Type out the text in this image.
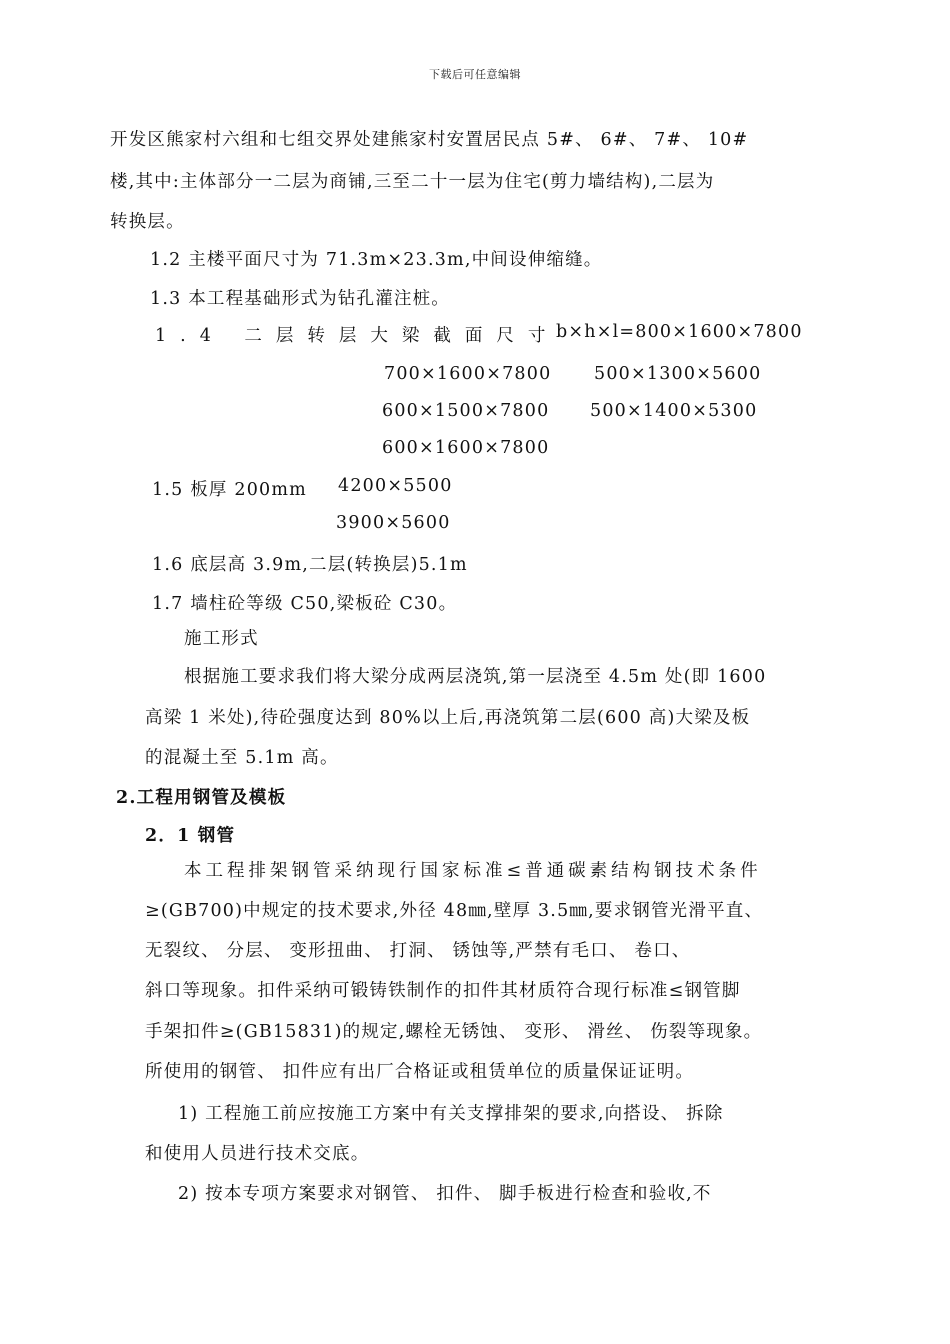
下载后可任意编辑
开发区熊家村六组和七组交界处建熊家村安置居民点 5#、 6#、 7#、 10#
楼,其中:主体部分一二层为商铺,三至二十一层为住宅(剪力墙结构),二层为
转换层。
1.2 主楼平面尺寸为 71.3m×23.3m,中间设伸缩缝。
1.3 本工程基础形式为钻孔灌注桩。
1.4 二层转层大梁截面尺寸
b×h×l=800×1600×7800
700×1600×7800 500×1300×5600
600×1500×7800 500×1400×5300
600×1600×7800
1.5 板厚 200mm 4200×5500
3900×5600
1.6 底层高 3.9m,二层(转换层)5.1m
1.7 墙柱砼等级 C50,梁板砼 C30。
施工形式
根据施工要求我们将大梁分成两层浇筑,第一层浇至 4.5m 处(即 1600
高梁 1 米处),待砼强度达到 80%以上后,再浇筑第二层(600 高)大梁及板
的混凝土至 5.1m 高。
2.工程用钢管及模板
2．1 钢管
本工程排架钢管采纳现行国家标准≤普通碳素结构钢技术条件
≥(GB700)中规定的技术要求,外径 48㎜,壁厚 3.5㎜,要求钢管光滑平直、
无裂纹、 分层、 变形扭曲、 打洞、 锈蚀等,严禁有毛口、 卷口、
斜口等现象。扣件采纳可锻铸铁制作的扣件其材质符合现行标准≤钢管脚
手架扣件≥(GB15831)的规定,螺栓无锈蚀、 变形、 滑丝、 伤裂等现象。
所使用的钢管、 扣件应有出厂合格证或租赁单位的质量保证证明。
1) 工程施工前应按施工方案中有关支撑排架的要求,向搭设、 拆除
和使用人员进行技术交底。
2) 按本专项方案要求对钢管、 扣件、 脚手板进行检查和验收,不
